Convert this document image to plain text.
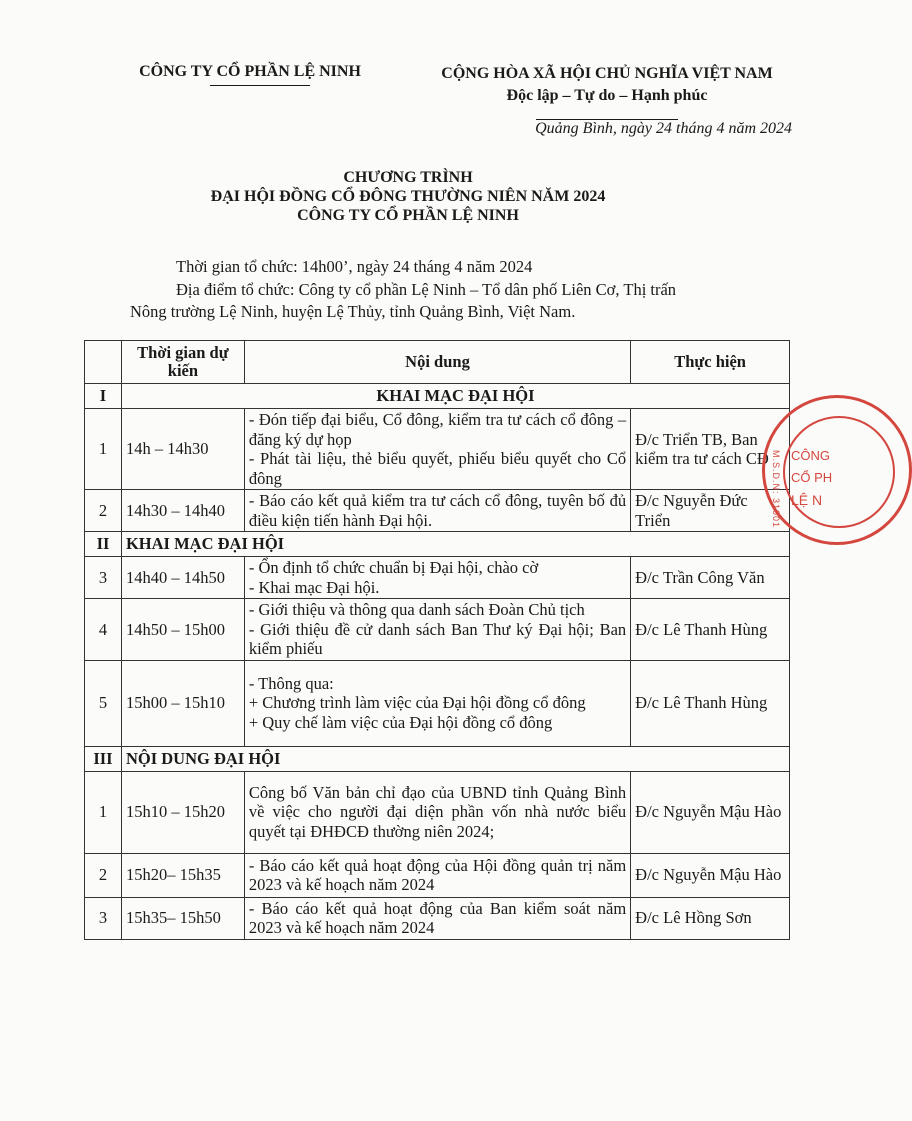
CÔNG TY CỔ PHẦN LỆ NINH	CỘNG HÒA XÃ HỘI CHỦ NGHĨA VIỆT NAM
Độc lập – Tự do – Hạnh phúc
Quảng Bình, ngày 24 tháng 4 năm 2024
CHƯƠNG TRÌNH
ĐẠI HỘI ĐỒNG CỔ ĐÔNG THƯỜNG NIÊN NĂM 2024
CÔNG TY CỔ PHẦN LỆ NINH
Thời gian tổ chức: 14h00’, ngày 24 tháng 4 năm 2024
Địa điểm tổ chức: Công ty cổ phần Lệ Ninh – Tổ dân phố Liên Cơ, Thị trấn
Nông trường Lệ Ninh, huyện Lệ Thủy, tỉnh Quảng Bình, Việt Nam.
	Thời gian dự kiến	Nội dung	Thực hiện
I	KHAI MẠC ĐẠI HỘI		
1	14h – 14h30	- Đón tiếp đại biểu, Cổ đông, kiểm tra tư cách cổ đông – đăng ký dự họp
- Phát tài liệu, thẻ biểu quyết, phiếu biểu quyết cho Cổ đông	Đ/c Triển TB, Ban kiểm tra tư cách CĐ
2	14h30 – 14h40	- Báo cáo kết quả kiểm tra tư cách cổ đông, tuyên bố đủ điều kiện tiến hành Đại hội.	Đ/c Nguyễn Đức Triển
II	KHAI MẠC ĐẠI HỘI		
3	14h40 – 14h50	- Ổn định tổ chức chuẩn bị Đại hội, chào cờ
- Khai mạc Đại hội.	Đ/c Trần Công Văn
4	14h50 – 15h00	- Giới thiệu và thông qua danh sách Đoàn Chủ tịch
- Giới thiệu đề cử danh sách Ban Thư ký Đại hội; Ban kiểm phiếu	Đ/c Lê Thanh Hùng
5	15h00 – 15h10	- Thông qua:
+ Chương trình làm việc của Đại hội đồng cổ đông
+ Quy chế làm việc của Đại hội đồng cổ đông	Đ/c Lê Thanh Hùng
III	NỘI DUNG ĐẠI HỘI		
1	15h10 – 15h20	Công bố Văn bản chỉ đạo của UBND tỉnh Quảng Bình về việc cho người đại diện phần vốn nhà nước biểu quyết tại ĐHĐCĐ thường niên 2024;	Đ/c Nguyễn Mậu Hào
2	15h20– 15h35	- Báo cáo kết quả hoạt động của Hội đồng quản trị năm 2023 và kế hoạch năm 2024	Đ/c Nguyễn Mậu Hào
3	15h35– 15h50	- Báo cáo kết quả hoạt động của Ban kiểm soát năm 2023 và kế hoạch năm 2024	Đ/c Lê Hồng Sơn
M.S.D.N: 31001 CÔNG
CỔ PH
LỆ N
